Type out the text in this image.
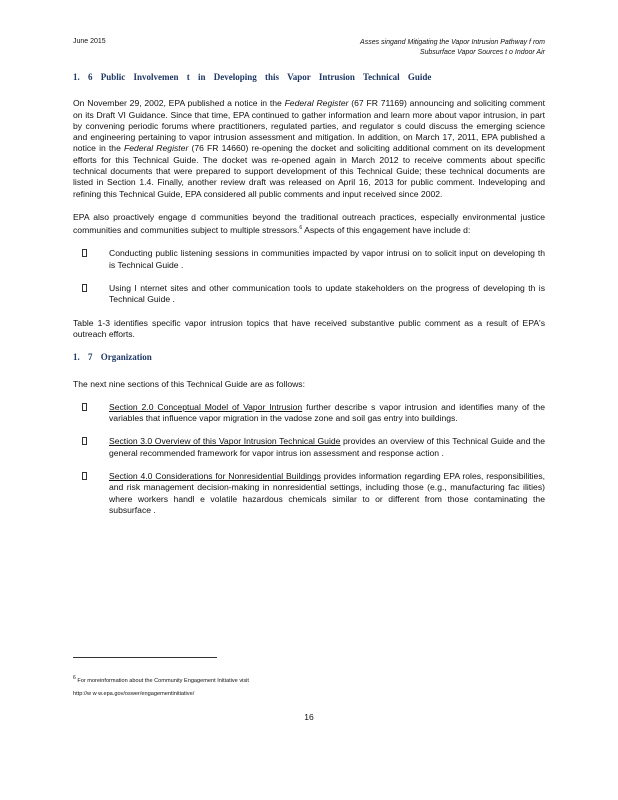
June 2015	Asses singand Mitigating the Vapor Intrusion Pathway f rom
Subsurface Vapor Sources t o Indoor Air
1. 6 Public Involvemen t in Developing this Vapor Intrusion Technical Guide

On November 29, 2002, EPA published a notice in the Federal Register (67 FR 71169) announcing and soliciting comment on its Draft VI Guidance. Since that time, EPA continued to gather information and learn more about vapor intrusion, in part by convening periodic forums where practitioners, regulated parties, and regulator s could discuss the emerging science and engineering pertaining to vapor intrusion assessment and mitigation. In addition, on March 17, 2011, EPA published a notice in the Federal Register (76 FR 14660) re-opening the docket and soliciting additional comment on its development efforts for this Technical Guide. The docket was re-opened again in March 2012 to receive comments about specific technical documents that were prepared to support development of this Technical Guide; these technical documents are listed in Section 1.4. Finally, another review draft was released on April 16, 2013 for public comment. Indeveloping and refining this Technical Guide, EPA considered all public comments and input received since 2002.

EPA also proactively engage d communities beyond the traditional outreach practices, especially environmental justice communities and communities subject to multiple stressors.$^6$ Aspects of this engagement have include d:

Conducting public listening sessions in communities impacted by vapor intrusi on to solicit input on developing th is Technical Guide .
Using I nternet sites and other communication tools to update stakeholders on the progress of developing th is Technical Guide .

Table 1-3 identifies specific vapor intrusion topics that have received substantive public comment as a result of EPA's outreach efforts.

1. 7 Organization

The next nine sections of this Technical Guide are as follows:

Section 2.0 Conceptual Model of Vapor Intrusion further describe s vapor intrusion and identifies many of the variables that influence vapor migration in the vadose zone and soil gas entry into buildings.
Section 3.0 Overview of this Vapor Intrusion Technical Guide provides an overview of this Technical Guide and the general recommended framework for vapor intrus ion assessment and response action .
Section 4.0 Considerations for Nonresidential Buildings provides information regarding EPA roles, responsibilities, and risk management decision-making in nonresidential settings, including those (e.g., manufacturing fac ilities) where workers handl e volatile hazardous chemicals similar to or different from those contaminating the subsurface .
$^6$ For moreinformation about the Community Engagement Initiative visit
http://w w w.epa.gov/oswer/engagementinitiative/
16
